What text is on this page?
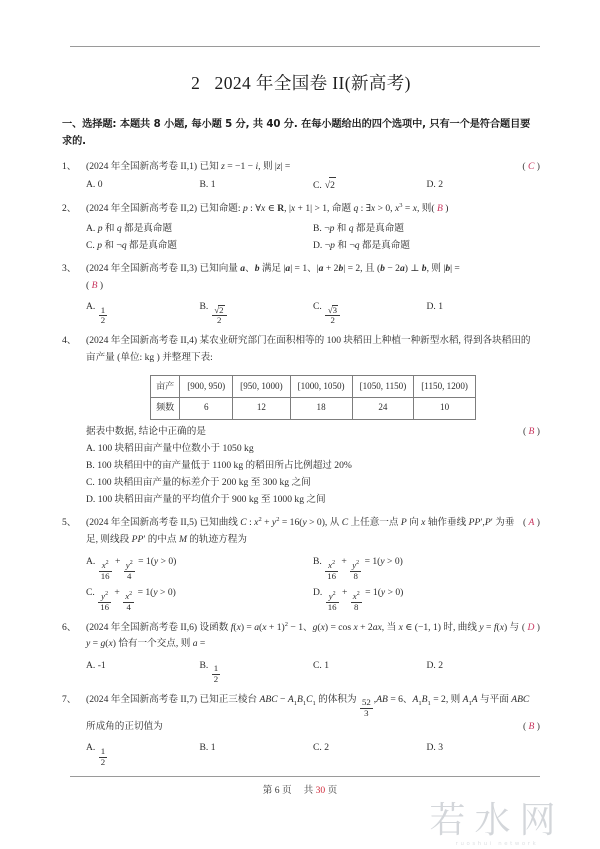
2 2024 年全国卷 II(新高考)
一、选择题: 本题共 8 小题, 每小题 5 分, 共 40 分. 在每小题给出的四个选项中, 只有一个是符合题目要求的.
1、	( C )
(2024 年全国新高考卷 II,1) 已知 z = −1 − i, 则 |z| =
A. 0	B. 1	C. √2	D. 2
2、	(2024 年全国新高考卷 II,2) 已知命题: p : ∀x ∈ R, |x + 1| > 1, 命题 q : ∃x > 0, $x^3 = x$, 则( B )
A. p 和 q 都是真命题	B. ¬p 和 q 都是真命题
C. p 和 ¬q 都是真命题	D. ¬p 和 ¬q 都是真命题
3、	(2024 年全国新高考卷 II,3) 已知向量 a、b 满足 |a| = 1、|a + 2b| = 2, 且 (b − 2a) ⊥ b, 则 |b| =
( B )
A. $\frac{1}{2}$	B. $\frac{√2}{2}$	C. $\frac{√3}{2}$	D. 1
4、	(2024 年全国新高考卷 II,4) 某农业研究部门在面积相等的 100 块稻田上种植一种新型水稻, 得到各块稻田的亩产量 (单位: kg ) 并整理下表:
亩产	[900, 950)	[950, 1000)	[1000, 1050)	[1050, 1150)	[1150, 1200)
频数	6	12	18	24	10
( B )
据表中数据, 结论中正确的是
A. 100 块稻田亩产量中位数小于 1050 kg
B. 100 块稻田中的亩产量低于 1100 kg 的稻田所占比例超过 20%
C. 100 块稻田亩产量的标差介于 200 kg 至 300 kg 之间
D. 100 块稻田亩产量的平均值介于 900 kg 至 1000 kg 之间
5、	( A )
(2024 年全国新高考卷 II,5) 已知曲线 C : $x^2 + y^2 = 16(y > 0)$, 从 C 上任意一点 P 向 x 轴作垂线 PP′,P′ 为垂足, 则线段 PP′ 的中点 M 的轨迹方程为
A. $\frac{x^2}{16} + \frac{y^2}{4} = 1(y > 0)$	B. $\frac{x^2}{16} + \frac{y^2}{8} = 1(y > 0)$
C. $\frac{y^2}{16} + \frac{x^2}{4} = 1(y > 0)$	D. $\frac{y^2}{16} + \frac{x^2}{8} = 1(y > 0)$
6、	( D )
(2024 年全国新高考卷 II,6) 设函数 $f(x) = a(x + 1)^2 - 1$、g(x) = cos x + 2ax, 当 x ∈ (−1, 1) 时, 曲线 y = f(x) 与 y = g(x) 恰有一个交点, 则 a =
A. -1	B. $\frac{1}{2}$	C. 1	D. 2
7、	(2024 年全国新高考卷 II,7) 已知正三棱台 ABC − $A_1B_1C_1$ 的体积为 $\frac{52}{3} ,AB = 6$、$A_1B_1 = 2$, 则 $A_1A$ 与平面 ABC 所成角的正切值为	( B )
A. $\frac{1}{2}$	B. 1	C. 2	D. 3
第 6 页 共 30 页
若水网
ruoshui network
